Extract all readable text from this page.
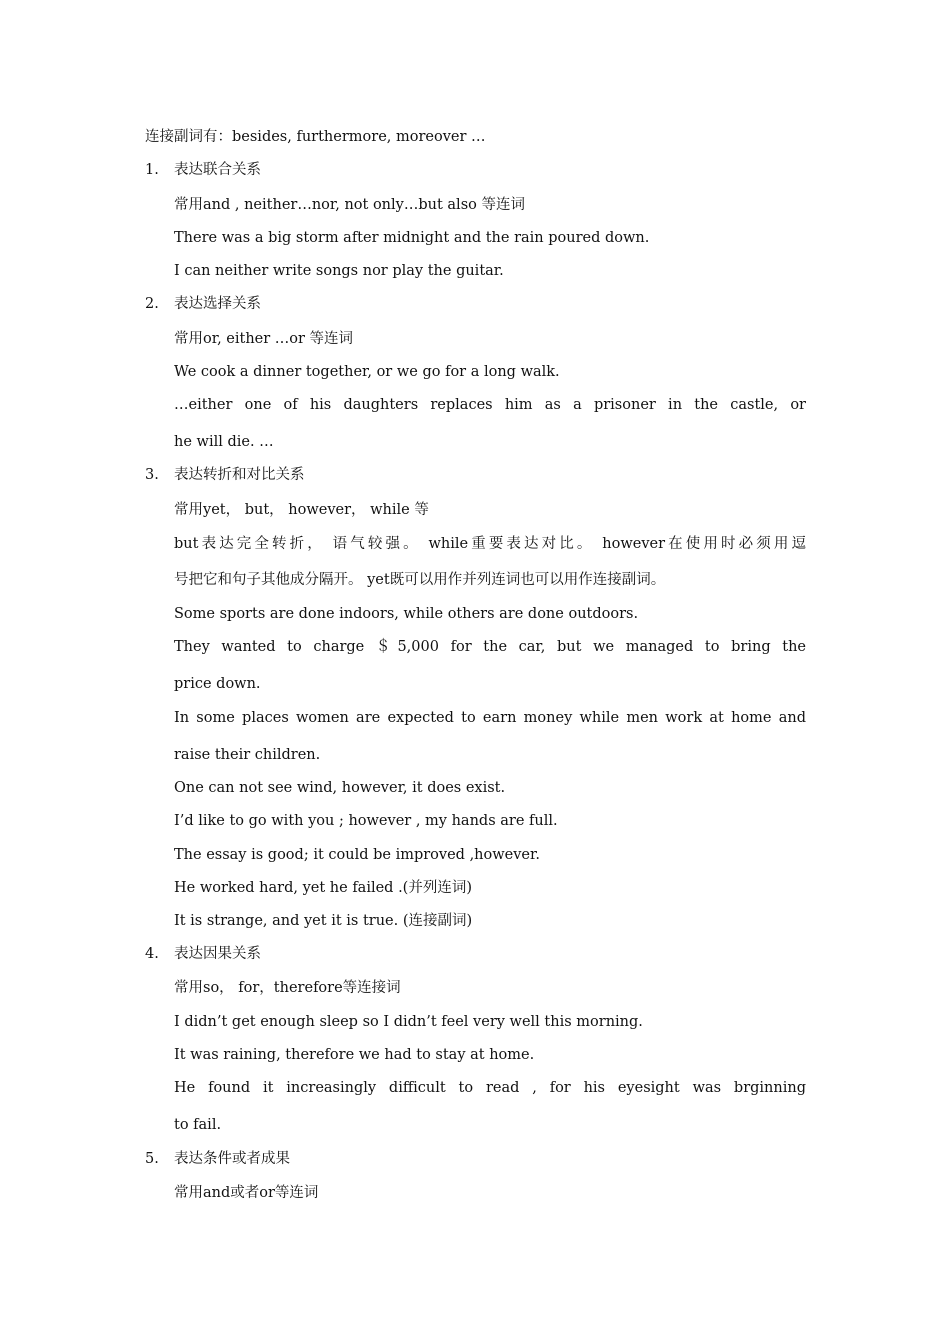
连接副词有：besides, furthermore, moreover …
1. 表达联合关系
常用and , neither…nor, not only…but also 等连词
There was a big storm after midnight and the rain poured down.
I can neither write songs nor play the guitar.
2. 表达选择关系
常用or, either …or 等连词
We cook a dinner together, or we go for a long walk.
…either one of his daughters replaces him as a prisoner in the castle, or
he will die. …
3. 表达转折和对比关系
常用yet， but， however， while 等
but表达完全转折， 语气较强。 while重要表达对比。 however在使用时必须用逗
号把它和句子其他成分隔开。 yet既可以用作并列连词也可以用作连接副词。
Some sports are done indoors, while others are done outdoors.
They wanted to charge ＄5,000 for the car, but we managed to bring the
price down.
In some places women are expected to earn money while men work at home and
raise their children.
One can not see wind, however, it does exist.
I’d like to go with you ; however , my hands are full.
The essay is good; it could be improved ,however.
He worked hard, yet he failed .(并列连词)
It is strange, and yet it is true. (连接副词)
4. 表达因果关系
常用so， for，therefore等连接词
I didn’t get enough sleep so I didn’t feel very well this morning.
It was raining, therefore we had to stay at home.
He found it increasingly difficult to read , for his eyesight was brginning
to fail.
5. 表达条件或者成果
常用and或者or等连词
